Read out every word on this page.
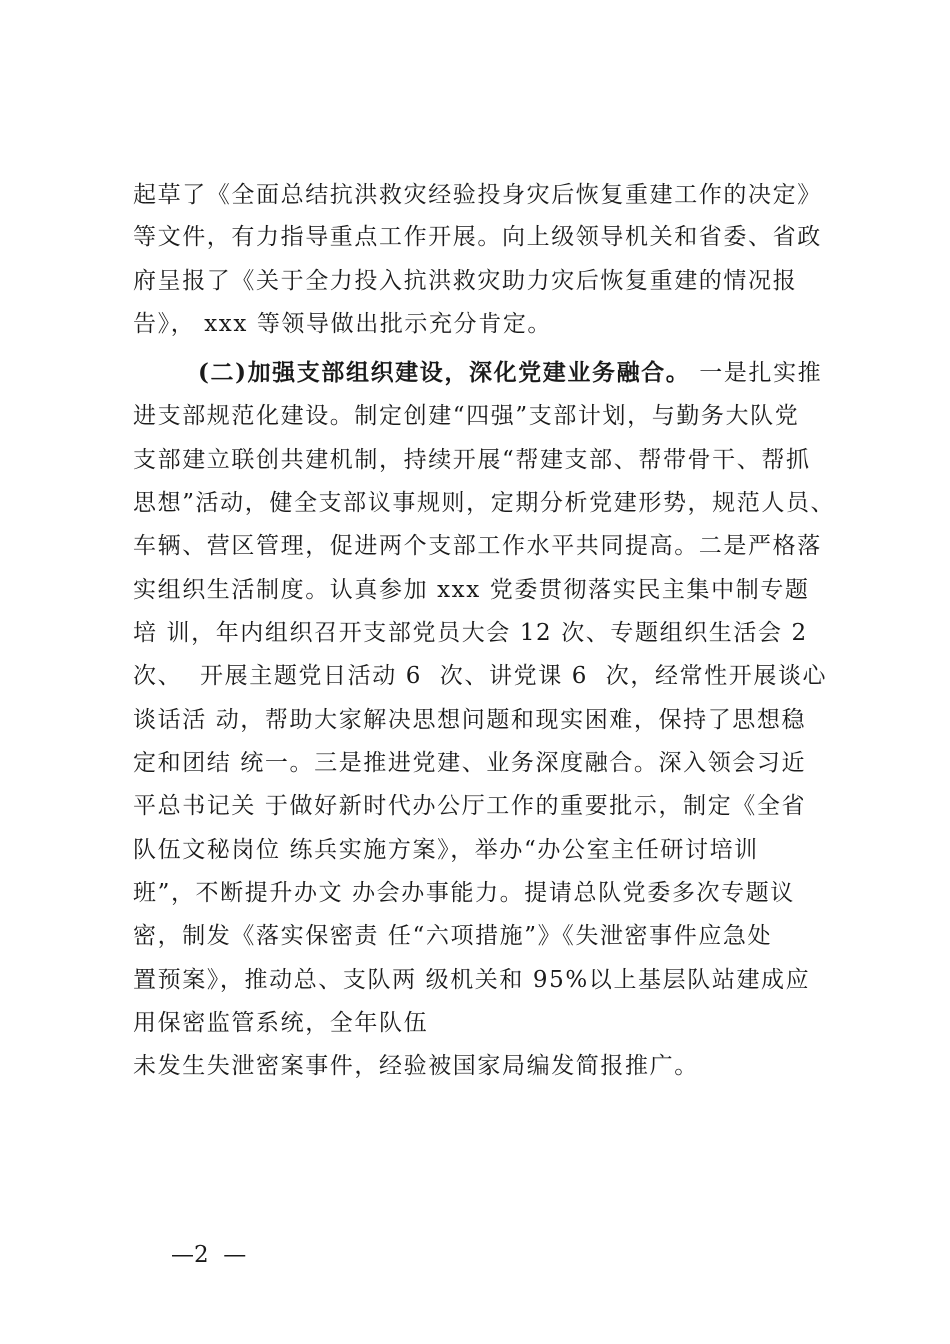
起草了《全面总结抗洪救灾经验投身灾后恢复重建工作的决定》

等文件，有力指导重点工作开展。向上级领导机关和省委、省政

府呈报了《关于全力投入抗洪救灾助力灾后恢复重建的情况报

告》， xxx 等领导做出批示充分肯定。

(二)加强支部组织建设，深化党建业务融合。 一是扎实推

进支部规范化建设。制定创建“四强”支部计划，与勤务大队党

支部建立联创共建机制，持续开展“帮建支部、帮带骨干、帮抓

思想”活动，健全支部议事规则，定期分析党建形势，规范人员、

车辆、营区管理，促进两个支部工作水平共同提高。二是严格落

实组织生活制度。认真参加 xxx 党委贯彻落实民主集中制专题

培 训，年内组织召开支部党员大会 12 次、专题组织生活会 2

次、  开展主题党日活动 6  次、讲党课 6  次，经常性开展谈心

谈话活 动，帮助大家解决思想问题和现实困难，保持了思想稳

定和团结 统一。三是推进党建、业务深度融合。深入领会习近

平总书记关 于做好新时代办公厅工作的重要批示，制定《全省

队伍文秘岗位 练兵实施方案》，举办“办公室主任研讨培训

班”，不断提升办文 办会办事能力。提请总队党委多次专题议

密，制发《落实保密责 任“六项措施”》《失泄密事件应急处

置预案》，推动总、支队两 级机关和 95%以上基层队站建成应

用保密监管系统，全年队伍

未发生失泄密案事件，经验被国家局编发简报推广。

—2  —
